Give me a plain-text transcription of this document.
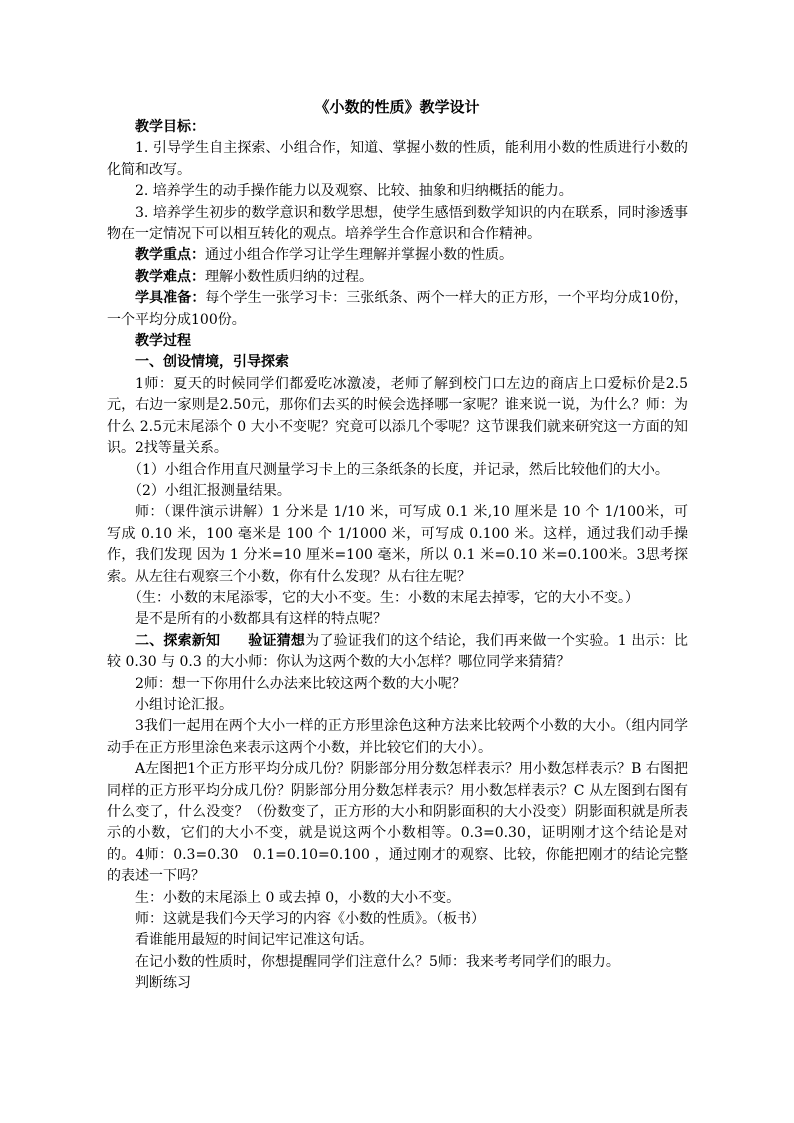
《小数的性质》教学设计

教学目标：

1. 引导学生自主探索、小组合作，知道、掌握小数的性质，能利用小数的性质进行小数的化简和改写。

2. 培养学生的动手操作能力以及观察、比较、抽象和归纳概括的能力。

3. 培养学生初步的数学意识和数学思想，使学生感悟到数学知识的内在联系，同时渗透事物在一定情况下可以相互转化的观点。培养学生合作意识和合作精神。

教学重点：通过小组合作学习让学生理解并掌握小数的性质。

教学难点：理解小数性质归纳的过程。

学具准备：每个学生一张学习卡：三张纸条、两个一样大的正方形，一个平均分成10份，一个平均分成100份。

教学过程

一、创设情境，引导探索

1师：夏天的时候同学们都爱吃冰激凌，老师了解到校门口左边的商店上口爱标价是2.5元，右边一家则是2.50元，那你们去买的时候会选择哪一家呢？谁来说一说，为什么？师：为什么 2.5元末尾添个 0 大小不变呢？究竟可以添几个零呢？这节课我们就来研究这一方面的知识。2找等量关系。

（1）小组合作用直尺测量学习卡上的三条纸条的长度，并记录，然后比较他们的大小。

（2）小组汇报测量结果。

师：（课件演示讲解）1 分米是 1/10 米，可写成 0.1 米,10 厘米是 10 个 1/100米，可写成 0.10 米，100 毫米是 100 个 1/1000 米，可写成 0.100 米。这样，通过我们动手操作，我们发现 因为 1 分米=10 厘米=100 毫米，所以 0.1 米=0.10 米=0.100米。3思考探索。从左往右观察三个小数，你有什么发现？从右往左呢？

（生：小数的末尾添零，它的大小不变。生：小数的末尾去掉零，它的大小不变。）

是不是所有的小数都具有这样的特点呢？

二、探索新知 验证猜想为了验证我们的这个结论，我们再来做一个实验。1 出示：比较 0.30 与 0.3 的大小师：你认为这两个数的大小怎样？哪位同学来猜猜？

2师：想一下你用什么办法来比较这两个数的大小呢？

小组讨论汇报。

3我们一起用在两个大小一样的正方形里涂色这种方法来比较两个小数的大小。（组内同学动手在正方形里涂色来表示这两个小数，并比较它们的大小）。

A左图把1个正方形平均分成几份？阴影部分用分数怎样表示？用小数怎样表示？B 右图把同样的正方形平均分成几份？阴影部分用分数怎样表示？用小数怎样表示？C 从左图到右图有什么变了，什么没变？（份数变了，正方形的大小和阴影面积的大小没变）阴影面积就是所表示的小数，它们的大小不变，就是说这两个小数相等。0.3=0.30，证明刚才这个结论是对的。4师：0.3=0.30　0.1=0.10=0.100 ，通过刚才的观察、比较，你能把刚才的结论完整的表述一下吗？

生：小数的末尾添上 0 或去掉 0，小数的大小不变。

师：这就是我们今天学习的内容《小数的性质》。（板书）

看谁能用最短的时间记牢记准这句话。

在记小数的性质时，你想提醒同学们注意什么？5师：我来考考同学们的眼力。

判断练习
